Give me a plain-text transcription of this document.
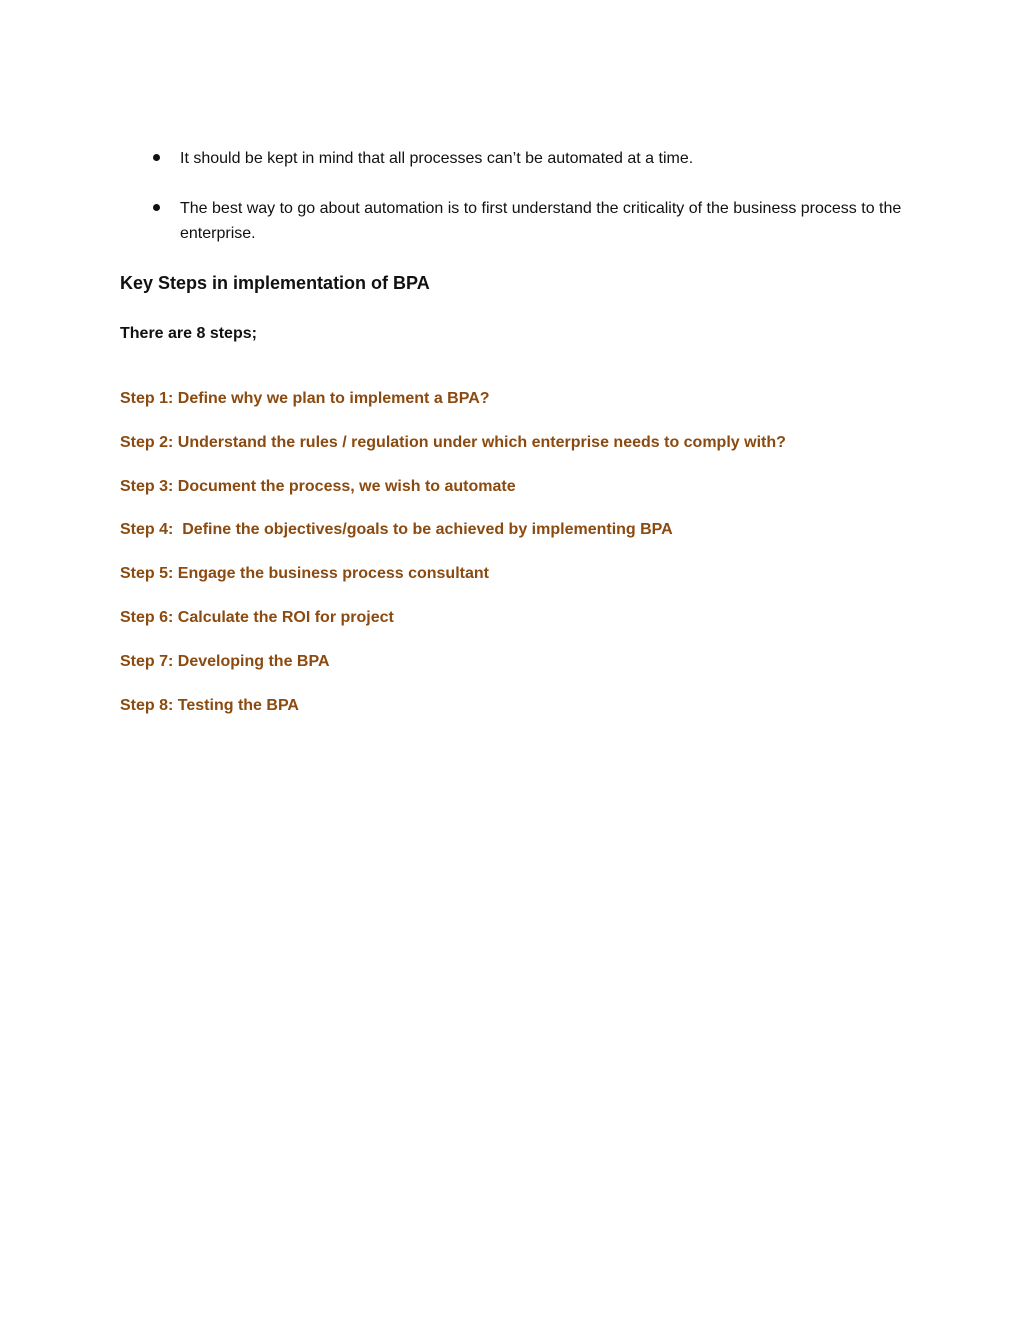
It should be kept in mind that all processes can’t be automated at a time.
The best way to go about automation is to first understand the criticality of the business process to the enterprise.
Key Steps in implementation of BPA

There are 8 steps;

Step 1: Define why we plan to implement a BPA?
Step 2: Understand the rules / regulation under which enterprise needs to comply with?
Step 3: Document the process, we wish to automate
Step 4:  Define the objectives/goals to be achieved by implementing BPA
Step 5: Engage the business process consultant
Step 6: Calculate the ROI for project
Step 7: Developing the BPA
Step 8: Testing the BPA
